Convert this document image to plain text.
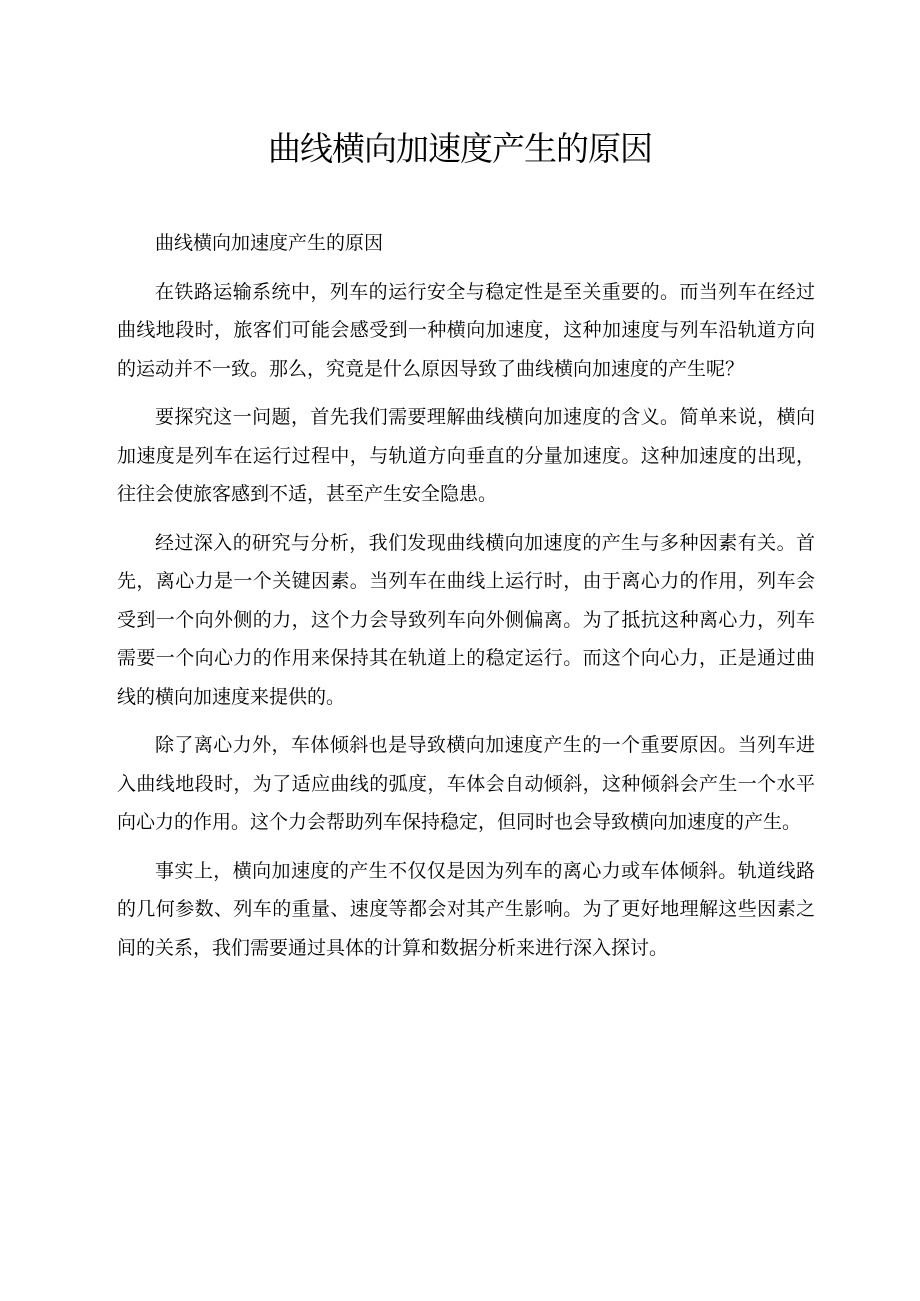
曲线横向加速度产生的原因

曲线横向加速度产生的原因

在铁路运输系统中，列车的运行安全与稳定性是至关重要的。而当列车在经过曲线地段时，旅客们可能会感受到一种横向加速度，这种加速度与列车沿轨道方向的运动并不一致。那么，究竟是什么原因导致了曲线横向加速度的产生呢？

要探究这一问题，首先我们需要理解曲线横向加速度的含义。简单来说，横向加速度是列车在运行过程中，与轨道方向垂直的分量加速度。这种加速度的出现，往往会使旅客感到不适，甚至产生安全隐患。

经过深入的研究与分析，我们发现曲线横向加速度的产生与多种因素有关。首先，离心力是一个关键因素。当列车在曲线上运行时，由于离心力的作用，列车会受到一个向外侧的力，这个力会导致列车向外侧偏离。为了抵抗这种离心力，列车需要一个向心力的作用来保持其在轨道上的稳定运行。而这个向心力，正是通过曲线的横向加速度来提供的。

除了离心力外，车体倾斜也是导致横向加速度产生的一个重要原因。当列车进入曲线地段时，为了适应曲线的弧度，车体会自动倾斜，这种倾斜会产生一个水平向心力的作用。这个力会帮助列车保持稳定，但同时也会导致横向加速度的产生。

事实上，横向加速度的产生不仅仅是因为列车的离心力或车体倾斜。轨道线路的几何参数、列车的重量、速度等都会对其产生影响。为了更好地理解这些因素之间的关系，我们需要通过具体的计算和数据分析来进行深入探讨。
